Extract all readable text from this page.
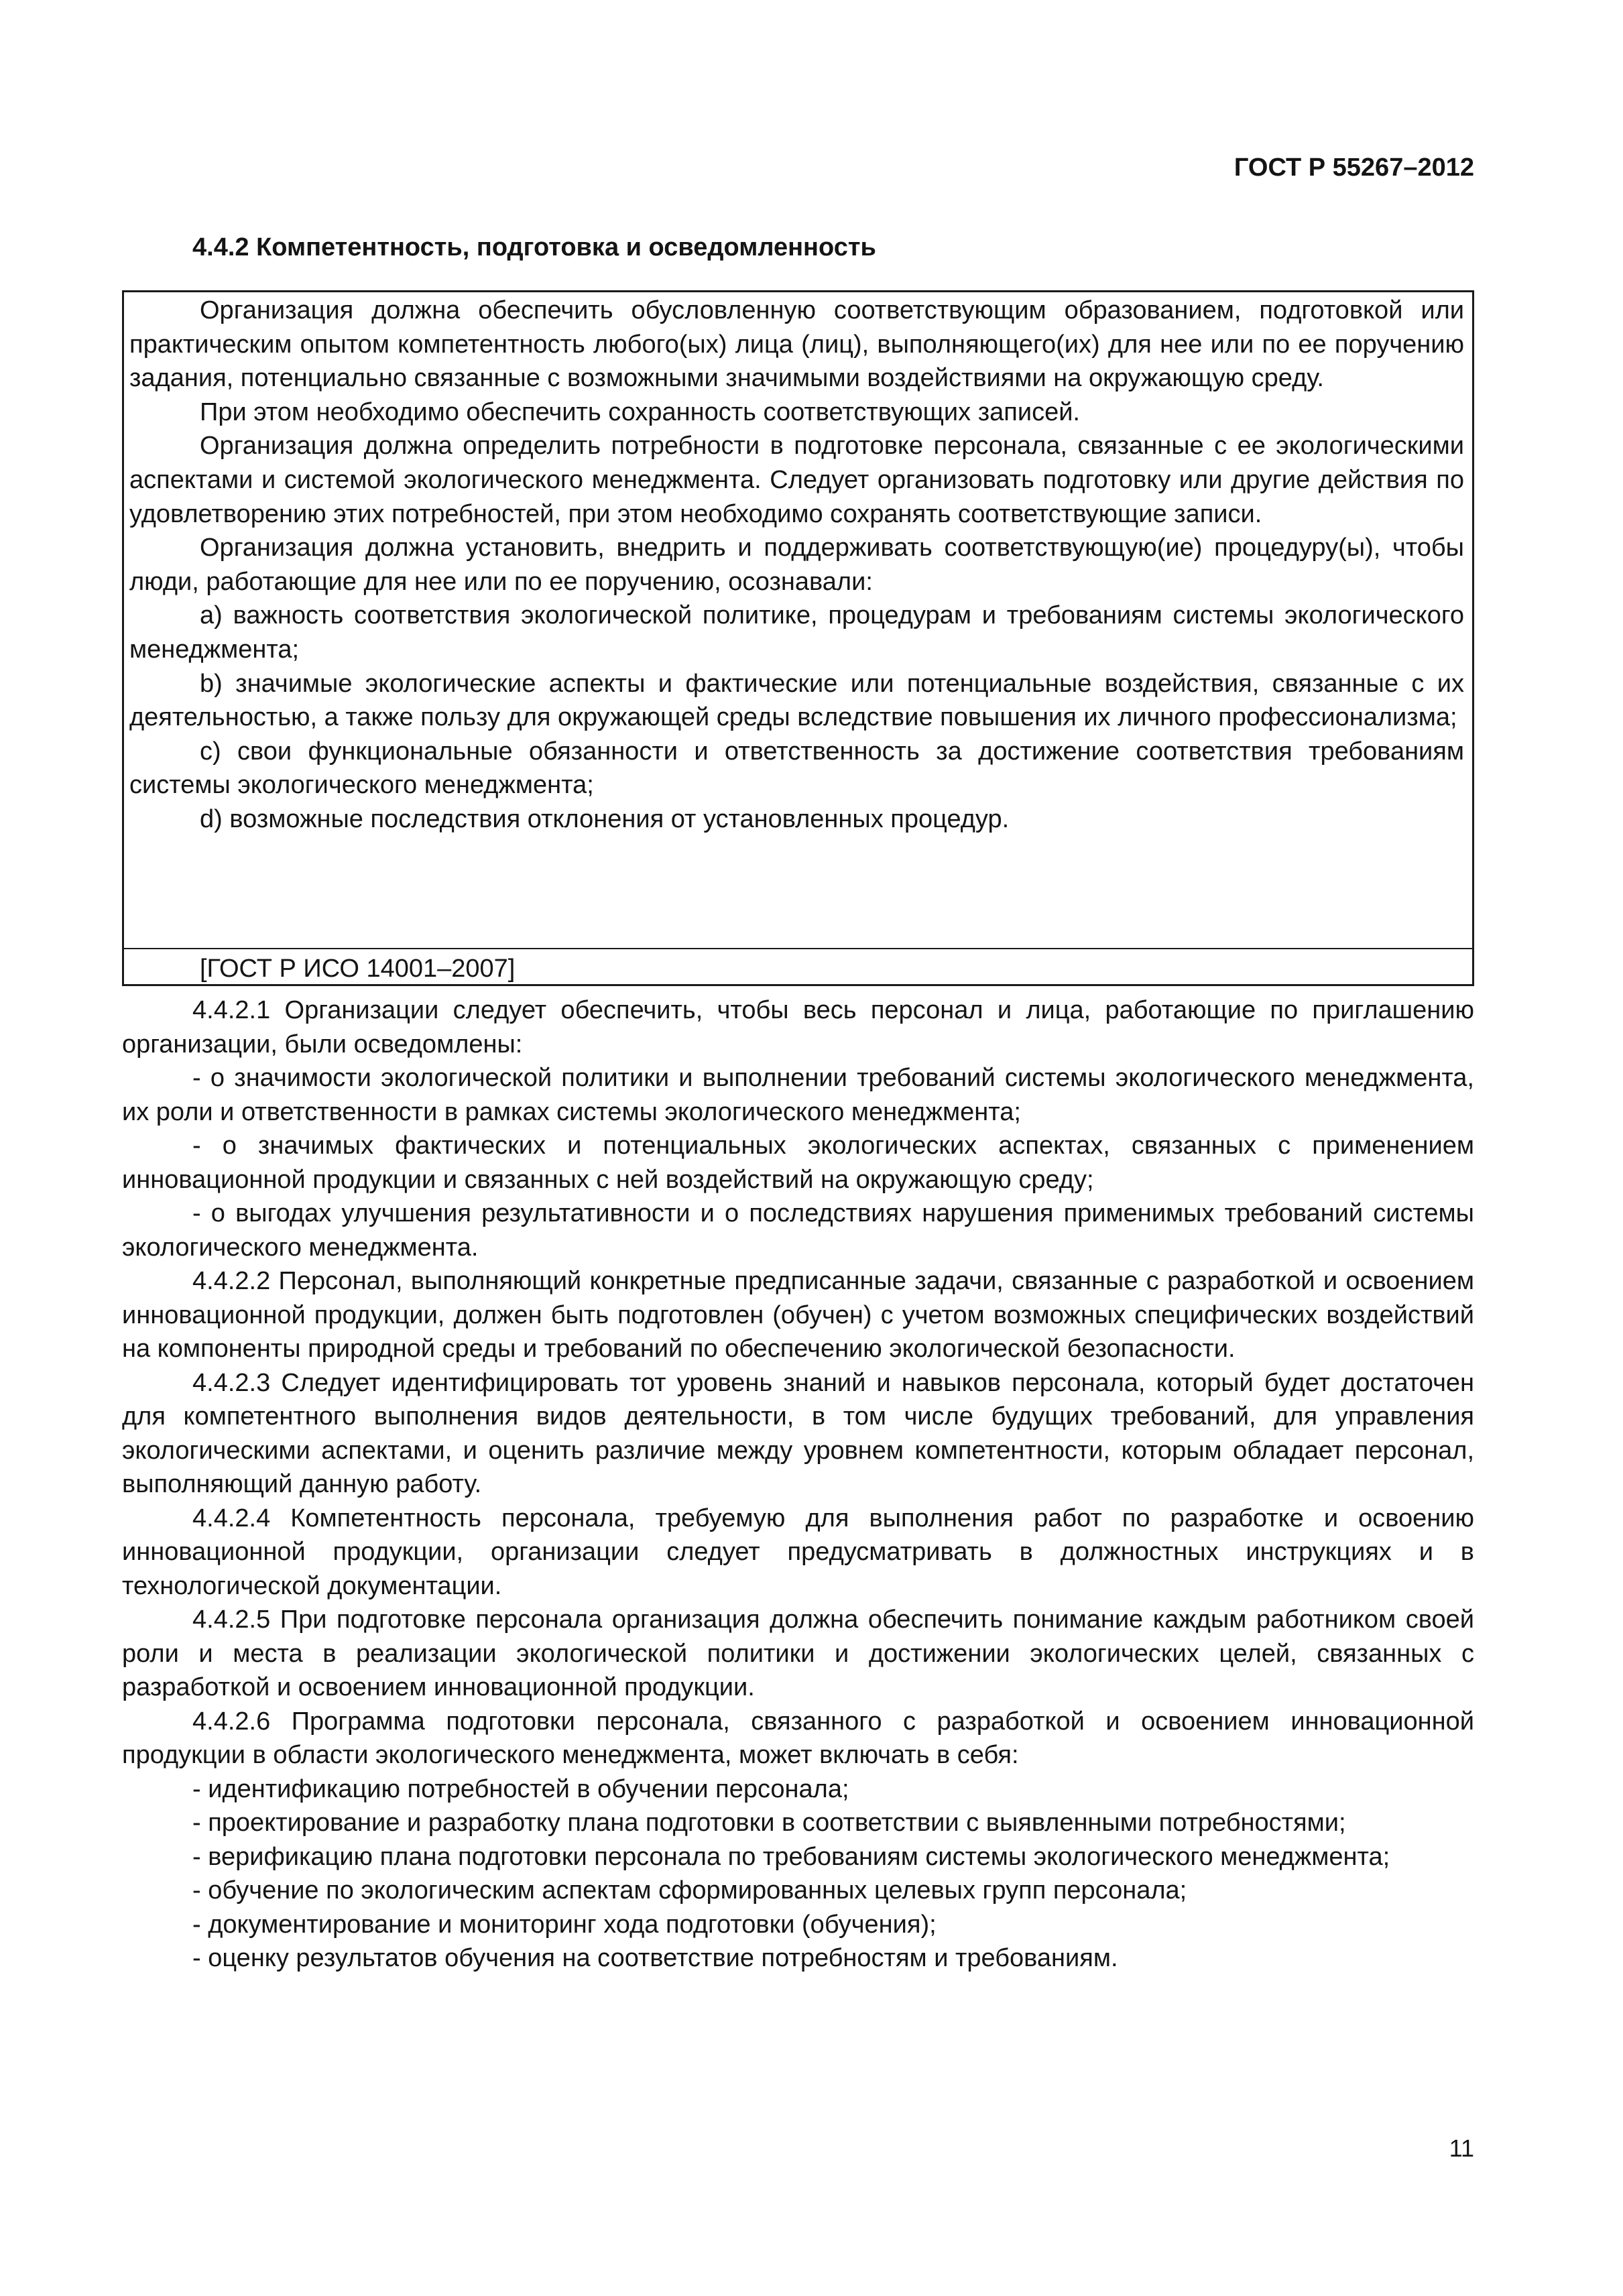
ГОСТ Р 55267–2012
4.4.2 Компетентность, подготовка и осведомленность

Организация должна обеспечить обусловленную соответствующим образованием, подготовкой или практическим опытом компетентность любого(ых) лица (лиц), выполняющего(их) для нее или по ее поручению задания, потенциально связанные с возможными значимыми воздействиями на окружающую среду.

При этом необходимо обеспечить сохранность соответствующих записей.

Организация должна определить потребности в подготовке персонала, связанные с ее экологическими аспектами и системой экологического менеджмента. Следует организовать подготовку или другие действия по удовлетворению этих потребностей, при этом необходимо сохранять соответствующие записи.

Организация должна установить, внедрить и поддерживать соответствующую(ие) процедуру(ы), чтобы люди, работающие для нее или по ее поручению, осознавали:

a) важность соответствия экологической политике, процедурам и требованиям системы экологического менеджмента;

b) значимые экологические аспекты и фактические или потенциальные воздействия, связанные с их деятельностью, а также пользу для окружающей среды вследствие повышения их личного профессионализма;

c) свои функциональные обязанности и ответственность за достижение соответствия требованиям системы экологического менеджмента;

d) возможные последствия отклонения от установленных процедур.

[ГОСТ Р ИСО 14001–2007]

4.4.2.1 Организации следует обеспечить, чтобы весь персонал и лица, работающие по приглашению организации, были осведомлены:

- о значимости экологической политики и выполнении требований системы экологического менеджмента, их роли и ответственности в рамках системы экологического менеджмента;

- о значимых фактических и потенциальных экологических аспектах, связанных с применением инновационной продукции и связанных с ней воздействий на окружающую среду;

- о выгодах улучшения результативности и о последствиях нарушения применимых требований системы экологического менеджмента.

4.4.2.2 Персонал, выполняющий конкретные предписанные задачи, связанные с разработкой и освоением инновационной продукции, должен быть подготовлен (обучен) с учетом возможных специфических воздействий на компоненты природной среды и требований по обеспечению экологической безопасности.

4.4.2.3 Следует идентифицировать тот уровень знаний и навыков персонала, который будет достаточен для компетентного выполнения видов деятельности, в том числе будущих требований, для управления экологическими аспектами, и оценить различие между уровнем компетентности, которым обладает персонал, выполняющий данную работу.

4.4.2.4 Компетентность персонала, требуемую для выполнения работ по разработке и освоению инновационной продукции, организации следует предусматривать в должностных инструкциях и в технологической документации.

4.4.2.5 При подготовке персонала организация должна обеспечить понимание каждым работником своей роли и места в реализации экологической политики и достижении экологических целей, связанных с разработкой и освоением инновационной продукции.

4.4.2.6 Программа подготовки персонала, связанного с разработкой и освоением инновационной продукции в области экологического менеджмента, может включать в себя:

- идентификацию потребностей в обучении персонала;

- проектирование и разработку плана подготовки в соответствии с выявленными потребностями;

- верификацию плана подготовки персонала по требованиям системы экологического менеджмента;

- обучение по экологическим аспектам сформированных целевых групп персонала;

- документирование и мониторинг хода подготовки (обучения);

- оценку результатов обучения на соответствие потребностям и требованиям.

11
